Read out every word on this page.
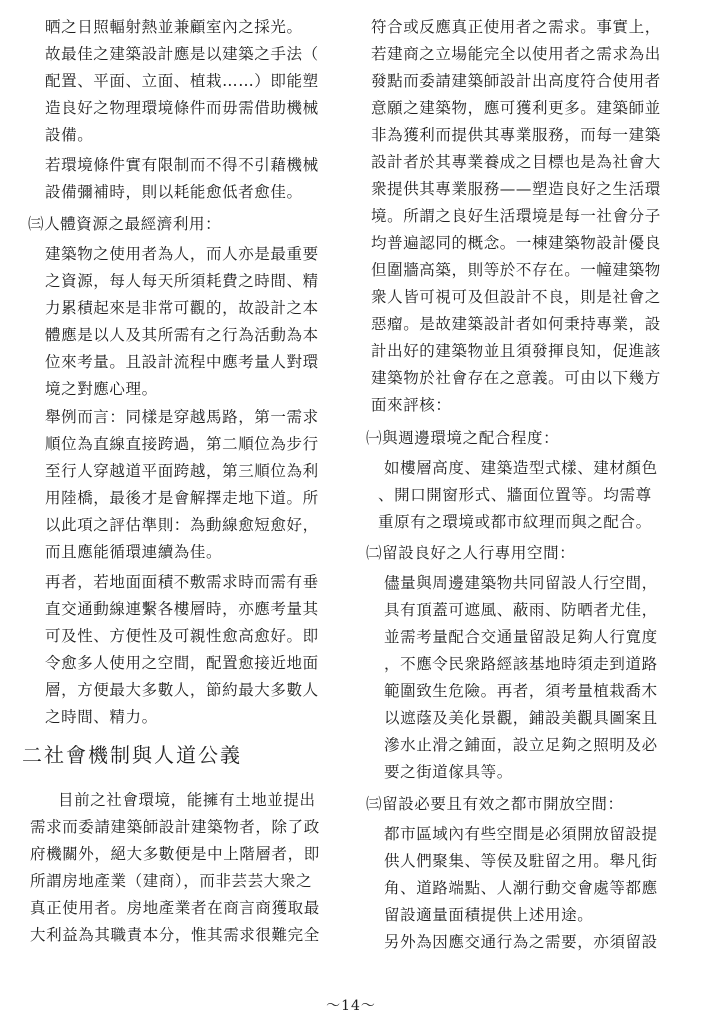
晒之日照輻射熱並兼顧室內之採光。
故最佳之建築設計應是以建築之手法（
配置、平面、立面、植栽……）即能塑
造良好之物理環境條件而毋需借助機械
設備。
若環境條件實有限制而不得不引藉機械
設備彌補時，則以耗能愈低者愈佳。
㈢人體資源之最經濟利用：
建築物之使用者為人，而人亦是最重要
之資源，每人每天所須耗費之時間、精
力累積起來是非常可觀的，故設計之本
體應是以人及其所需有之行為活動為本
位來考量。且設計流程中應考量人對環
境之對應心理。
舉例而言：同樣是穿越馬路，第一需求
順位為直線直接跨過，第二順位為步行
至行人穿越道平面跨越，第三順位為利
用陸橋，最後才是會解擇走地下道。所
以此項之評估準則：為動線愈短愈好，
而且應能循環連續為佳。
再者，若地面面積不敷需求時而需有垂
直交通動線連繫各樓層時，亦應考量其
可及性、方便性及可親性愈高愈好。即
令愈多人使用之空間，配置愈接近地面
層，方便最大多數人，節約最大多數人
之時間、精力。
目前之社會環境，能擁有土地並提出
需求而委請建築師設計建築物者，除了政
府機關外，絕大多數便是中上階層者，即
所謂房地產業（建商），而非芸芸大衆之
真正使用者。房地產業者在商言商獲取最
大利益為其職責本分，惟其需求很難完全
二社會機制與人道公義
符合或反應真正使用者之需求。事實上，
若建商之立場能完全以使用者之需求為出
發點而委請建築師設計出高度符合使用者
意願之建築物，應可獲利更多。建築師並
非為獲利而提供其專業服務，而每一建築
設計者於其專業養成之目標也是為社會大
衆提供其專業服務——塑造良好之生活環
境。所謂之良好生活環境是每一社會分子
均普遍認同的概念。一棟建築物設計優良
但圍牆高築，則等於不存在。一幢建築物
衆人皆可視可及但設計不良，則是社會之
惡瘤。是故建築設計者如何秉持專業，設
計出好的建築物並且須發揮良知，促進該
建築物於社會存在之意義。可由以下幾方
面來評核：
㈠與週邊環境之配合程度：
如樓層高度、建築造型式樣、建材顏色
、開口開窗形式、牆面位置等。均需尊
重原有之環境或都市紋理而與之配合。
㈡留設良好之人行專用空間：
儘量與周邊建築物共同留設人行空間，
具有頂蓋可遮風、蔽雨、防晒者尤佳，
並需考量配合交通量留設足夠人行寬度
，不應令民衆路經該基地時須走到道路
範圍致生危險。再者，須考量植栽喬木
以遮蔭及美化景觀，鋪設美觀具圖案且
滲水止滑之鋪面，設立足夠之照明及必
要之街道傢具等。
㈢留設必要且有效之都市開放空間：
都市區域內有些空間是必須開放留設提
供人們聚集、等侯及駐留之用。舉凡街
角、道路端點、人潮行動交會處等都應
留設適量面積提供上述用途。
另外為因應交通行為之需要，亦須留設
～14～
